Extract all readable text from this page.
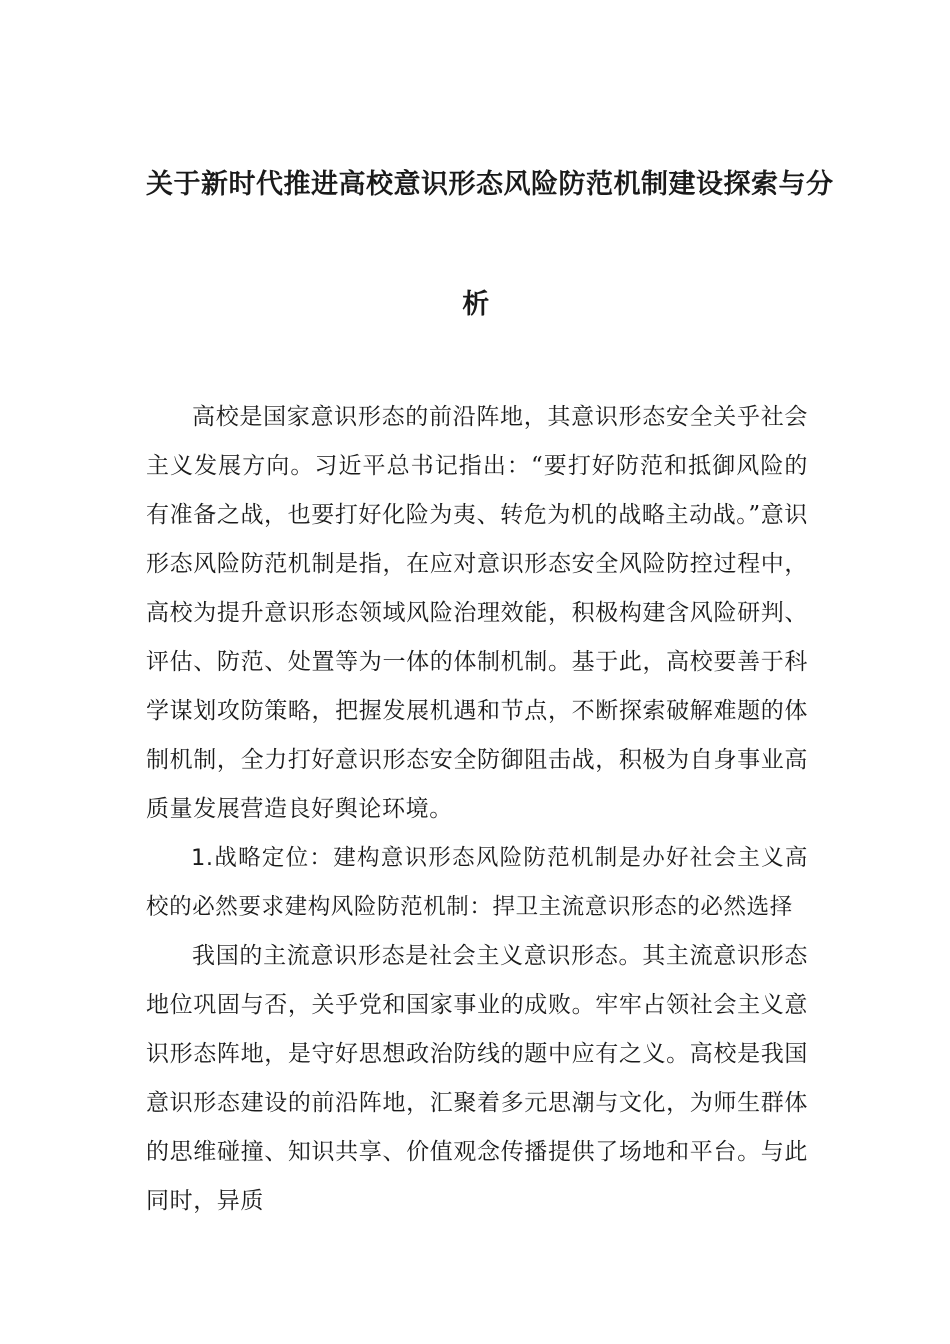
关于新时代推进高校意识形态风险防范机制建设探索与分
析

高校是国家意识形态的前沿阵地，其意识形态安全关乎社会主义发展方向。习近平总书记指出：“要打好防范和抵御风险的有准备之战，也要打好化险为夷、转危为机的战略主动战。”意识形态风险防范机制是指，在应对意识形态安全风险防控过程中，高校为提升意识形态领域风险治理效能，积极构建含风险研判、评估、防范、处置等为一体的体制机制。基于此，高校要善于科学谋划攻防策略，把握发展机遇和节点，不断探索破解难题的体制机制，全力打好意识形态安全防御阻击战，积极为自身事业高质量发展营造良好舆论环境。

1.战略定位：建构意识形态风险防范机制是办好社会主义高校的必然要求建构风险防范机制：捍卫主流意识形态的必然选择

我国的主流意识形态是社会主义意识形态。其主流意识形态地位巩固与否，关乎党和国家事业的成败。牢牢占领社会主义意识形态阵地，是守好思想政治防线的题中应有之义。高校是我国意识形态建设的前沿阵地，汇聚着多元思潮与文化，为师生群体的思维碰撞、知识共享、价值观念传播提供了场地和平台。与此同时，异质
